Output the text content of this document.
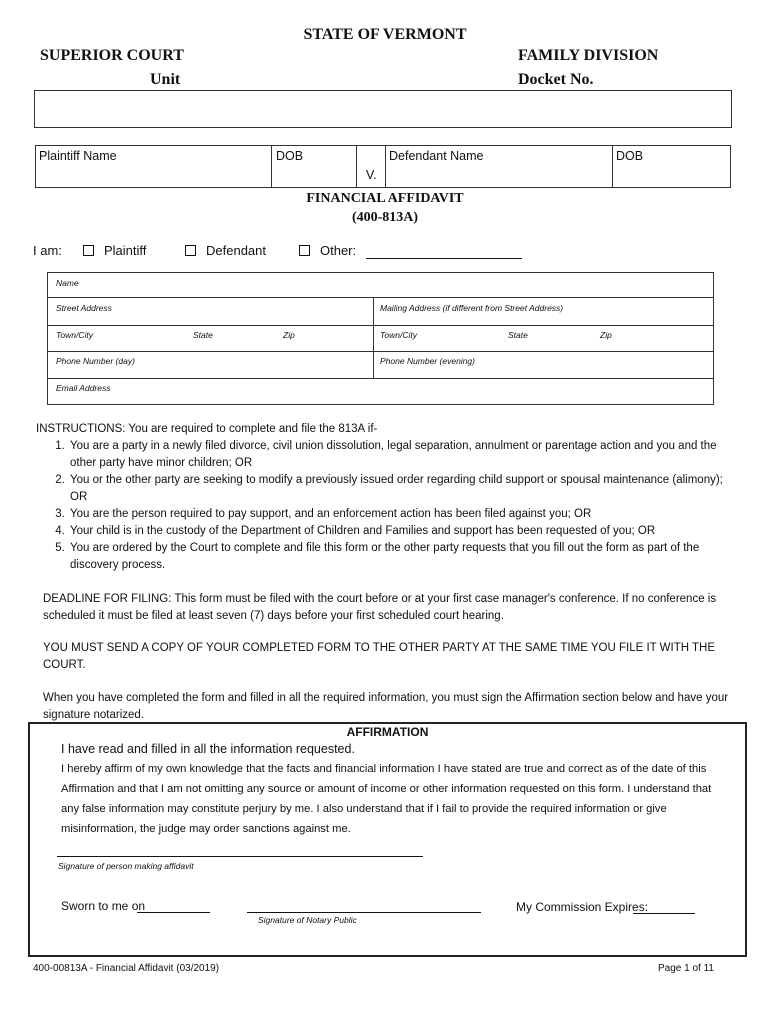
STATE OF VERMONT
SUPERIOR COURT
Unit
FAMILY DIVISION
Docket No.
Plaintiff Name	DOB
V.
Defendant Name	DOB
FINANCIAL AFFIDAVIT
(400-813A)
I am:	Plaintiff	Defendant	Other:
Name
Street Address	Mailing Address (if different from Street Address)
Town/City	State	Zip	Town/City	State	Zip
Phone Number (day)	Phone Number (evening)
Email Address
INSTRUCTIONS: You are required to complete and file the 813A if-
1. You are a party in a newly filed divorce, civil union dissolution, legal separation, annulment or parentage action and you and the other party have minor children; OR
2. You or the other party are seeking to modify a previously issued order regarding child support or spousal maintenance (alimony); OR
3. You are the person required to pay support, and an enforcement action has been filed against you; OR
4. Your child is in the custody of the Department of Children and Families and support has been requested of you; OR
5. You are ordered by the Court to complete and file this form or the other party requests that you fill out the form as part of the discovery process.
DEADLINE FOR FILING: This form must be filed with the court before or at your first case manager's conference. If no conference is scheduled it must be filed at least seven (7) days before your first scheduled court hearing.
YOU MUST SEND A COPY OF YOUR COMPLETED FORM TO THE OTHER PARTY AT THE SAME TIME YOU FILE IT WITH THE COURT.
When you have completed the form and filled in all the required information, you must sign the Affirmation section below and have your signature notarized.
AFFIRMATION
I have read and filled in all the information requested.
I hereby affirm of my own knowledge that the facts and financial information I have stated are true and correct as of the date of this Affirmation and that I am not omitting any source or amount of income or other information requested on this form. I understand that any false information may constitute perjury by me. I also understand that if I fail to provide the required information or give misinformation, the judge may order sanctions against me.
Signature of person making affidavit
Sworn to me on
Signature of Notary Public
My Commission Expires:
400-00813A - Financial Affidavit (03/2019)	Page 1 of 11
